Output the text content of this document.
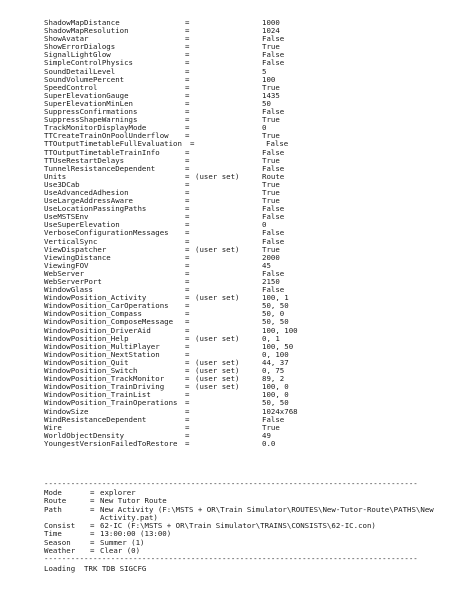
ShadowMapDistance	=	1000
ShadowMapResolution	=	1024
ShowAvatar	=	False
ShowErrorDialogs	=	True
SignalLightGlow	=	False
SimpleControlPhysics	=	False
SoundDetailLevel	=	5
SoundVolumePercent	=	100
SpeedControl	=	True
SuperElevationGauge	=	1435
SuperElevationMinLen	=	50
SuppressConfirmations	=	False
SuppressShapeWarnings	=	True
TrackMonitorDisplayMode	=	0
TTCreateTrainOnPoolUnderflow =	True
TTOutputTimetableFullEvaluation =	False
TTOutputTimetableTrainInfo	=	False
TTUseRestartDelays	=	True
TunnelResistanceDependent	=	False
Units	= (user set)	Route
Use3DCab	=	True
UseAdvancedAdhesion	=	True
UseLargeAddressAware	=	True
UseLocationPassingPaths	=	False
UseMSTSEnv	=	False
UseSuperElevation	=	0
VerboseConfigurationMessages =	False
VerticalSync	=	False
ViewDispatcher	= (user set)	True
ViewingDistance	=	2000
ViewingFOV	=	45
WebServer	=	False
WebServerPort	=	2150
WindowGlass	=	False
WindowPosition_Activity	= (user set)	100, 1
WindowPosition_CarOperations =	50, 50
WindowPosition_Compass	=	50, 0
WindowPosition_ComposeMessage =	50, 50
WindowPosition_DriverAid	=	100, 100
WindowPosition_Help	= (user set)	0, 1
WindowPosition_MultiPlayer	=	100, 50
WindowPosition_NextStation	=	0, 100
WindowPosition_Quit	= (user set)	44, 37
WindowPosition_Switch	= (user set)	0, 75
WindowPosition_TrackMonitor	= (user set)	89, 2
WindowPosition_TrainDriving	= (user set)	100, 0
WindowPosition_TrainList	=	100, 0
WindowPosition_TrainOperations =	50, 50
WindowSize	=	1024x768
WindResistanceDependent	=	False
Wire	=	True
WorldObjectDensity	=	49
YoungestVersionFailedToRestore =	0.0
------------------------------------------------------------------------------------
Mode	= explorer
Route	= New Tutor Route
Path	= New Activity (F:\MSTS + OR\Train Simulator\ROUTES\New-Tutor-Route\PATHS\New Activity.pat)
Consist = 62-IC (F:\MSTS + OR\Train Simulator\TRAINS\CONSISTS\62-IC.con)
Time	= 13:00:00 (13:00)
Season	= Summer (1)
Weather = Clear (0)
------------------------------------------------------------------------------------
Loading  TRK TDB SIGCFG
